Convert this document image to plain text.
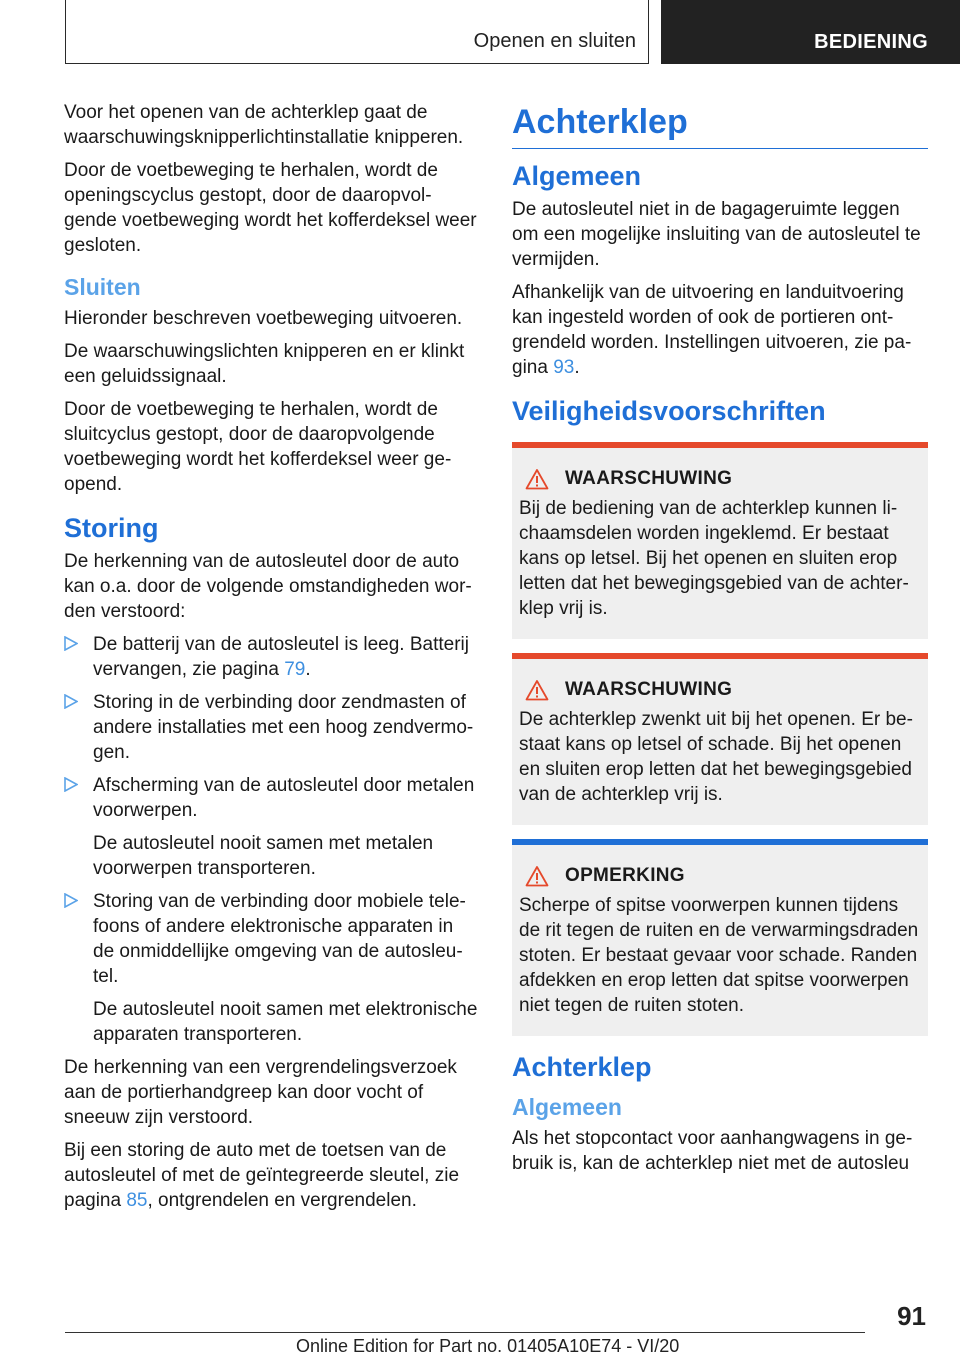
Openen en sluiten	BEDIENING

Voor het openen van de achterklep gaat de waarschuwingsknipperlichtinstallatie knipperen.

Door de voetbeweging te herhalen, wordt de openingscyclus gestopt, door de daaropvolgende voetbeweging wordt het kofferdeksel weer gesloten.

Sluiten

Hieronder beschreven voetbeweging uitvoeren.

De waarschuwingslichten knipperen en er klinkt een geluidssignaal.

Door de voetbeweging te herhalen, wordt de sluitcyclus gestopt, door de daaropvolgende voetbeweging wordt het kofferdeksel weer geopend.

Storing

De herkenning van de autosleutel door de auto kan o.a. door de volgende omstandigheden worden verstoord:

De batterij van de autosleutel is leeg. Batterij vervangen, zie pagina 79.
Storing in de verbinding door zendmasten of andere installaties met een hoog zendvermogen.
Afscherming van de autosleutel door metalen voorwerpen.
De autosleutel nooit samen met metalen voorwerpen transporteren.
Storing van de verbinding door mobiele telefoons of andere elektronische apparaten in de onmiddellijke omgeving van de autosleutel.
De autosleutel nooit samen met elektronische apparaten transporteren.

De herkenning van een vergrendelingsverzoek aan de portierhandgreep kan door vocht of sneeuw zijn verstoord.

Bij een storing de auto met de toetsen van de autosleutel of met de geïntegreerde sleutel, zie pagina 85, ontgrendelen en vergrendelen.

Achterklep
Algemeen

De autosleutel niet in de bagageruimte leggen om een mogelijke insluiting van de autosleutel te vermijden.

Afhankelijk van de uitvoering en landuitvoering kan ingesteld worden of ook de portieren ontgrendeld worden. Instellingen uitvoeren, zie pagina 93.

Veiligheidsvoorschriften
WAARSCHUWING
Bij de bediening van de achterklep kunnen lichaamsdelen worden ingeklemd. Er bestaat kans op letsel. Bij het openen en sluiten erop letten dat het bewegingsgebied van de achterklep vrij is.
WAARSCHUWING
De achterklep zwenkt uit bij het openen. Er bestaat kans op letsel of schade. Bij het openen en sluiten erop letten dat het bewegingsgebied van de achterklep vrij is.
OPMERKING
Scherpe of spitse voorwerpen kunnen tijdens de rit tegen de ruiten en de verwarmingsdraden stoten. Er bestaat gevaar voor schade. Randen afdekken en erop letten dat spitse voorwerpen niet tegen de ruiten stoten.
Achterklep
Algemeen

Als het stopcontact voor aanhangwagens in gebruik is, kan de achterklep niet met de autosleu

91
Online Edition for Part no. 01405A10E74 - VI/20
